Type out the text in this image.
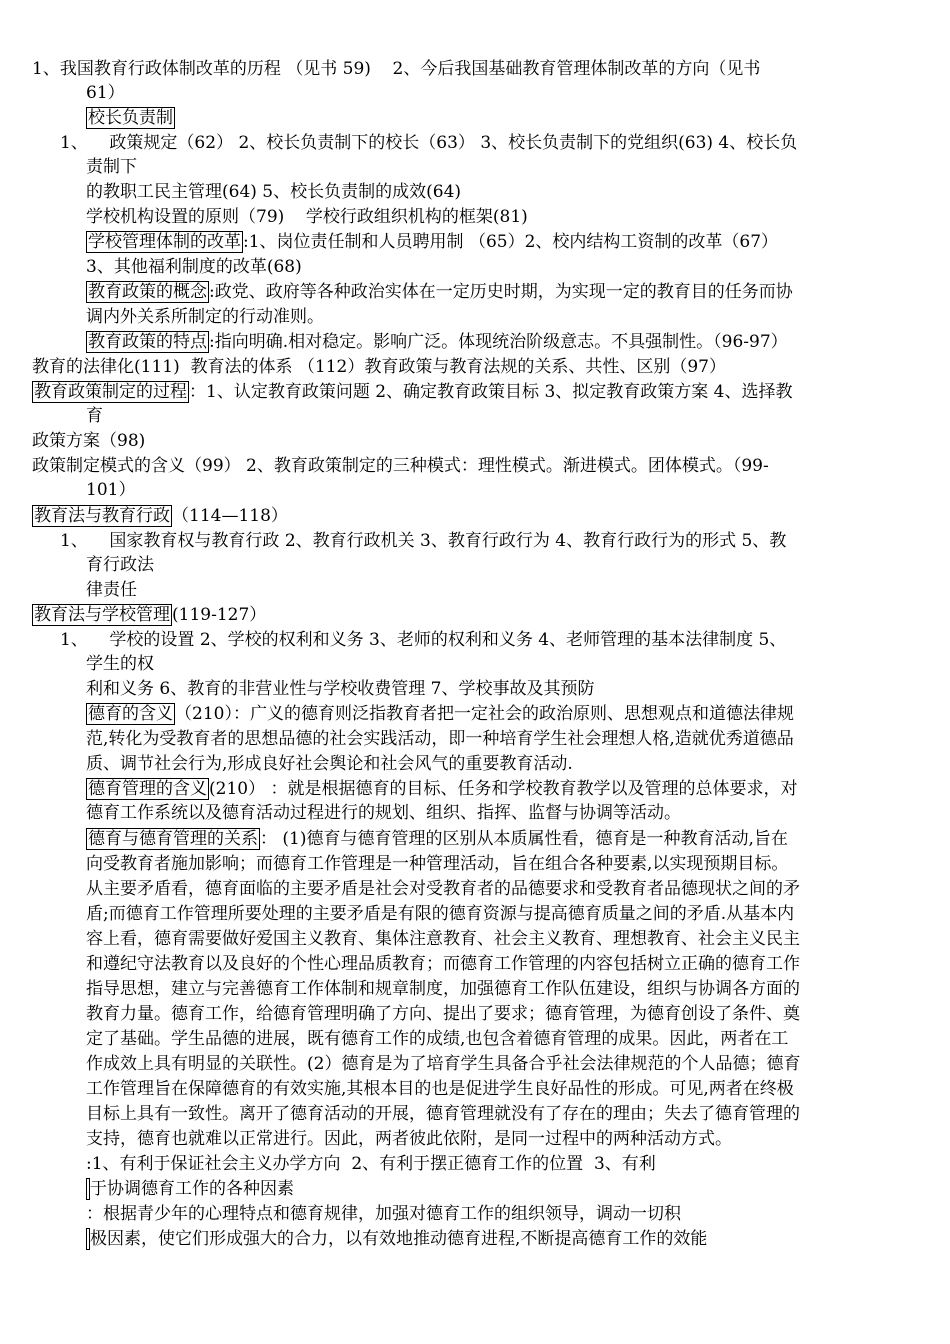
1、我国教育行政体制改革的历程 （见书 59)    2、今后我国基础教育管理体制改革的方向（见书
61）
校长负责制
1、    政策规定（62） 2、校长负责制下的校长（63） 3、校长负责制下的党组织(63) 4、校长负
责制下
的教职工民主管理(64) 5、校长负责制的成效(64)
学校机构设置的原则（79)    学校行政组织机构的框架(81)
学校管理体制的改革 :1、岗位责任制和人员聘用制 （65）2、校内结构工资制的改革（67）
3、其他福利制度的改革(68)
教育政策的概念 :政党、政府等各种政治实体在一定历史时期，为实现一定的教育目的任务而协
调内外关系所制定的行动准则。
教育政策的特点 :指向明确.相对稳定。影响广泛。体现统治阶级意志。不具强制性。（96-97）
教育的法律化(111)  教育法的体系 （112）教育政策与教育法规的关系、共性、区别（97）
教育政策制定的过程 ：1、认定教育政策问题 2、确定教育政策目标 3、拟定教育政策方案 4、选择教
育
政策方案（98)
政策制定模式的含义（99） 2、教育政策制定的三种模式：理性模式。渐进模式。团体模式。（99-
101）
教育法与教育行政 （114—118）
1、    国家教育权与教育行政 2、教育行政机关 3、教育行政行为 4、教育行政行为的形式 5、教
育行政法
律责任
教育法与学校管理 (119-127）
1、    学校的设置 2、学校的权利和义务 3、老师的权利和义务 4、老师管理的基本法律制度 5、
学生的权
利和义务 6、教育的非营业性与学校收费管理 7、学校事故及其预防
德育的含义 （210）：广义的德育则泛指教育者把一定社会的政治原则、思想观点和道德法律规
范,转化为受教育者的思想品德的社会实践活动，即一种培育学生社会理想人格,造就优秀道德品
质、调节社会行为,形成良好社会舆论和社会风气的重要教育活动.
德育管理的含义 (210） ：就是根据德育的目标、任务和学校教育教学以及管理的总体要求，对
德育工作系统以及德育活动过程进行的规划、组织、指挥、监督与协调等活动。
德育与德育管理的关系 ： (1)德育与德育管理的区别从本质属性看，德育是一种教育活动,旨在
向受教育者施加影响；而德育工作管理是一种管理活动，旨在组合各种要素,以实现预期目标。
从主要矛盾看，德育面临的主要矛盾是社会对受教育者的品德要求和受教育者品德现状之间的矛
盾;而德育工作管理所要处理的主要矛盾是有限的德育资源与提高德育质量之间的矛盾.从基本内
容上看，德育需要做好爱国主义教育、集体注意教育、社会主义教育、理想教育、社会主义民主
和遵纪守法教育以及良好的个性心理品质教育；而德育工作管理的内容包括树立正确的德育工作
指导思想，建立与完善德育工作体制和规章制度，加强德育工作队伍建设，组织与协调各方面的
教育力量。德育工作，给德育管理明确了方向、提出了要求；德育管理，为德育创设了条件、奠
定了基础。学生品德的进展，既有德育工作的成绩,也包含着德育管理的成果。因此，两者在工
作成效上具有明显的关联性。(2）德育是为了培育学生具备合乎社会法律规范的个人品德；德育
工作管理旨在保障德育的有效实施,其根本目的也是促进学生良好品性的形成。可见,两者在终极
目标上具有一致性。离开了德育活动的开展，德育管理就没有了存在的理由；失去了德育管理的
支持，德育也就难以正常进行。因此，两者彼此依附，是同一过程中的两种活动方式。
:1、有利于保证社会主义办学方向  2、有利于摆正德育工作的位置  3、有利
于协调德育工作的各种因素
：根据青少年的心理特点和德育规律，加强对德育工作的组织领导，调动一切积
极因素，使它们形成强大的合力，以有效地推动德育进程,不断提高德育工作的效能
